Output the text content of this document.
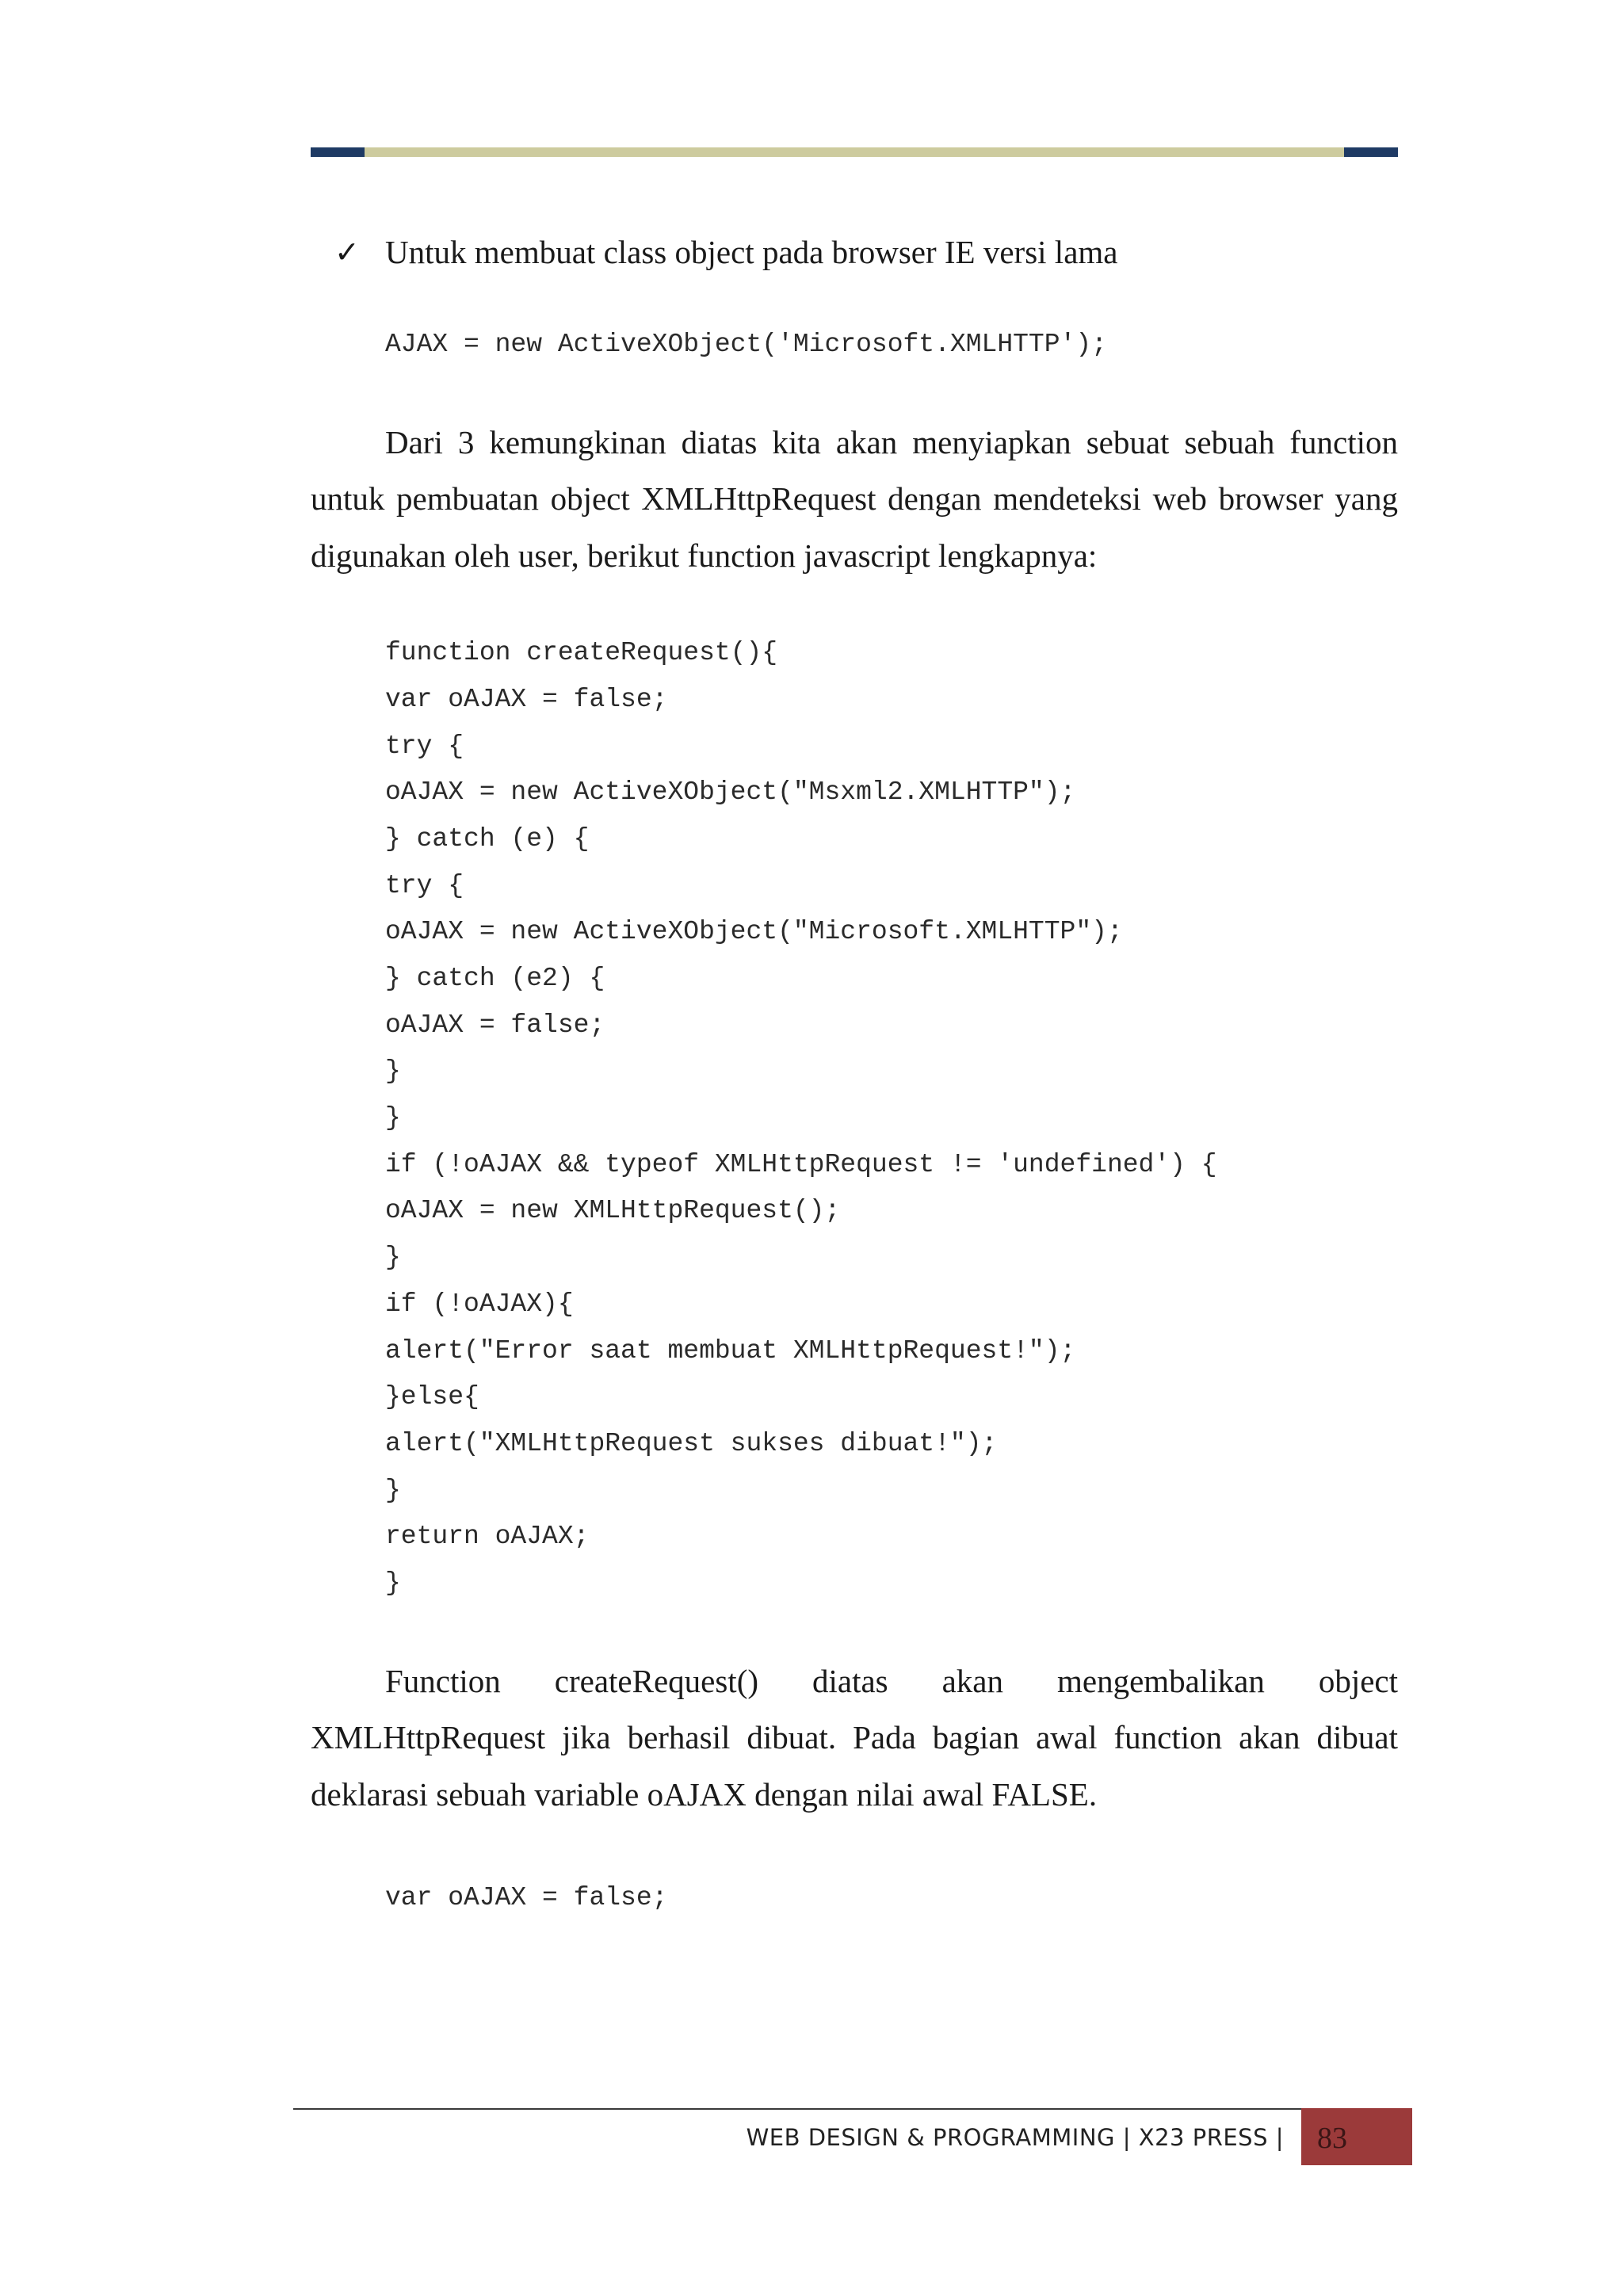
✓ Untuk membuat class object pada browser IE versi lama
AJAX = new ActiveXObject('Microsoft.XMLHTTP');

Dari 3 kemungkinan diatas kita akan menyiapkan sebuat sebuah function untuk pembuatan object XMLHttpRequest dengan mendeteksi web browser yang digunakan oleh user, berikut function javascript lengkapnya:

function createRequest(){
var oAJAX = false;
try {
oAJAX = new ActiveXObject("Msxml2.XMLHTTP");
} catch (e) {
try {
oAJAX = new ActiveXObject("Microsoft.XMLHTTP");
} catch (e2) {
oAJAX = false;
}
}
if (!oAJAX && typeof XMLHttpRequest != 'undefined') {
oAJAX = new XMLHttpRequest();
}
if (!oAJAX){
alert("Error saat membuat XMLHttpRequest!");
}else{
alert("XMLHttpRequest sukses dibuat!");
}
return oAJAX;
}

Function createRequest() diatas akan mengembalikan object XMLHttpRequest jika berhasil dibuat. Pada bagian awal function akan dibuat deklarasi sebuah variable oAJAX dengan nilai awal FALSE.

var oAJAX = false;
WEB DESIGN & PROGRAMMING | X23 PRESS |	83
